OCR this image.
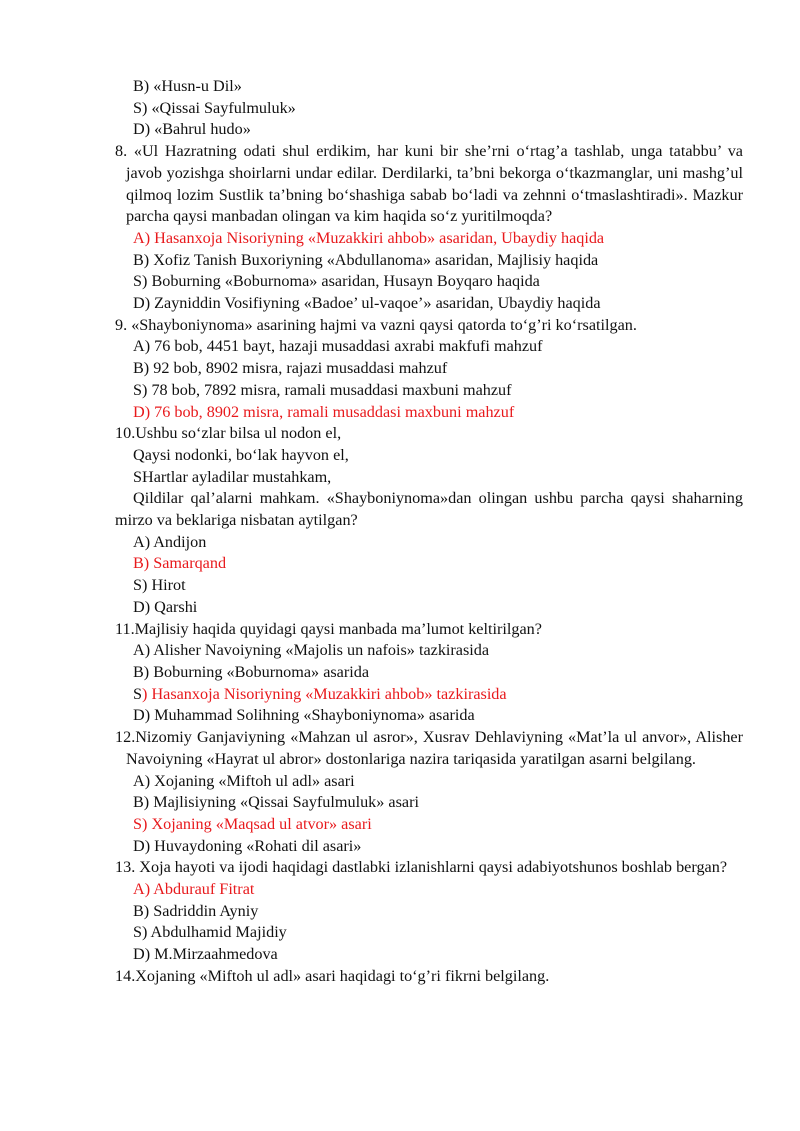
B) «Husn-u Dil»
S) «Qissai Sayfulmuluk»
D) «Bahrul hudo»
8. «Ul Hazratning odati shul erdikim, har kuni bir she’rni o‘rtag’a tashlab, unga tatabbu’ va javob yozishga shoirlarni undar edilar. Derdilarki, ta’bni bekorga o‘tkazmanglar, uni mashg’ul qilmoq lozim Sustlik ta’bning bo‘shashiga sabab bo‘ladi va zehnni o‘tmaslashtiradi». Mazkur parcha qaysi manbadan olingan va kim haqida so‘z yuritilmoqda?
A) Hasanxoja Nisoriyning «Muzakkiri ahbob» asaridan, Ubaydiy haqida
B) Xofiz Tanish Buxoriyning «Abdullanoma» asaridan, Majlisiy haqida
S) Boburning «Boburnoma» asaridan, Husayn Boyqaro haqida
D) Zayniddin Vosifiyning «Badoe’ ul-vaqoe’» asaridan, Ubaydiy haqida
9. «Shayboniynoma» asarining hajmi va vazni qaysi qatorda to‘g’ri ko‘rsatilgan.
A) 76 bob, 4451 bayt, hazaji musaddasi axrabi makfufi mahzuf
B) 92 bob, 8902 misra, rajazi musaddasi mahzuf
S) 78 bob, 7892 misra, ramali musaddasi maxbuni mahzuf
D) 76 bob, 8902 misra, ramali musaddasi maxbuni mahzuf
10.Ushbu so‘zlar bilsa ul nodon el,
Qaysi nodonki, bo‘lak hayvon el,
SHartlar ayladilar mustahkam,
Qildilar qal’alarni mahkam. «Shayboniynoma»dan olingan ushbu parcha qaysi shaharning mirzo va beklariga nisbatan aytilgan?
A) Andijon
B) Samarqand
S) Hirot
D) Qarshi
11.Majlisiy haqida quyidagi qaysi manbada ma’lumot keltirilgan?
A) Alisher Navoiyning «Majolis un nafois» tazkirasida
B) Boburning «Boburnoma» asarida
S) Hasanxoja Nisoriyning «Muzakkiri ahbob» tazkirasida
D) Muhammad Solihning «Shayboniynoma» asarida
12.Nizomiy Ganjaviyning «Mahzan ul asror», Xusrav Dehlaviyning «Mat’la ul anvor», Alisher Navoiyning «Hayrat ul abror» dostonlariga nazira tariqasida yaratilgan asarni belgilang.
A) Xojaning «Miftoh ul adl» asari
B) Majlisiyning «Qissai Sayfulmuluk» asari
S) Xojaning «Maqsad ul atvor» asari
D) Huvaydoning «Rohati dil asari»
13. Xoja hayoti va ijodi haqidagi dastlabki izlanishlarni qaysi adabiyotshunos boshlab bergan?
A) Abdurauf Fitrat
B) Sadriddin Ayniy
S) Abdulhamid Majidiy
D) M.Mirzaahmedova
14.Xojaning «Miftoh ul adl» asari haqidagi to‘g’ri fikrni belgilang.
